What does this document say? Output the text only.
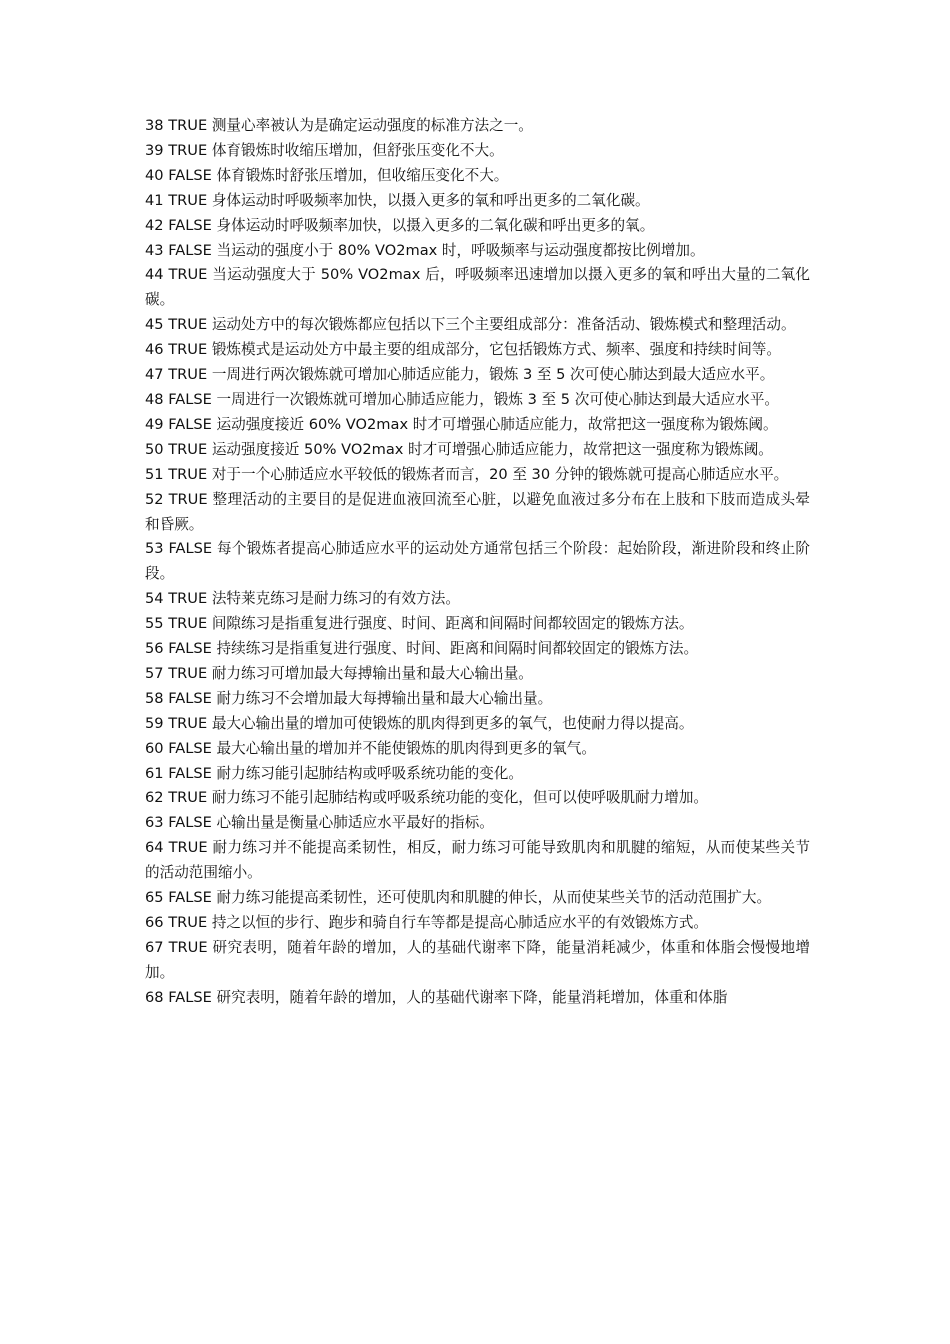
38 TRUE 测量心率被认为是确定运动强度的标准方法之一。

39 TRUE 体育锻炼时收缩压增加，但舒张压变化不大。

40 FALSE 体育锻炼时舒张压增加，但收缩压变化不大。

41 TRUE 身体运动时呼吸频率加快，以摄入更多的氧和呼出更多的二氧化碳。

42 FALSE 身体运动时呼吸频率加快，以摄入更多的二氧化碳和呼出更多的氧。

43 FALSE 当运动的强度小于 80% VO2max 时，呼吸频率与运动强度都按比例增加。

44 TRUE 当运动强度大于 50% VO2max 后，呼吸频率迅速增加以摄入更多的氧和呼出大量的二氧化碳。

45 TRUE 运动处方中的每次锻炼都应包括以下三个主要组成部分：准备活动、锻炼模式和整理活动。

46 TRUE 锻炼模式是运动处方中最主要的组成部分，它包括锻炼方式、频率、强度和持续时间等。

47 TRUE 一周进行两次锻炼就可增加心肺适应能力，锻炼 3 至 5 次可使心肺达到最大适应水平。

48 FALSE 一周进行一次锻炼就可增加心肺适应能力，锻炼 3 至 5 次可使心肺达到最大适应水平。

49 FALSE 运动强度接近 60% VO2max 时才可增强心肺适应能力，故常把这一强度称为锻炼阈。

50 TRUE 运动强度接近 50% VO2max 时才可增强心肺适应能力，故常把这一强度称为锻炼阈。

51 TRUE 对于一个心肺适应水平较低的锻炼者而言，20 至 30 分钟的锻炼就可提高心肺适应水平。

52 TRUE 整理活动的主要目的是促进血液回流至心脏，以避免血液过多分布在上肢和下肢而造成头晕和昏厥。

53 FALSE 每个锻炼者提高心肺适应水平的运动处方通常包括三个阶段：起始阶段，渐进阶段和终止阶段。

54 TRUE 法特莱克练习是耐力练习的有效方法。

55 TRUE 间隙练习是指重复进行强度、时间、距离和间隔时间都较固定的锻炼方法。

56 FALSE 持续练习是指重复进行强度、时间、距离和间隔时间都较固定的锻炼方法。

57 TRUE 耐力练习可增加最大每搏输出量和最大心输出量。

58 FALSE 耐力练习不会增加最大每搏输出量和最大心输出量。

59 TRUE 最大心输出量的增加可使锻炼的肌肉得到更多的氧气，也使耐力得以提高。

60 FALSE 最大心输出量的增加并不能使锻炼的肌肉得到更多的氧气。

61 FALSE 耐力练习能引起肺结构或呼吸系统功能的变化。

62 TRUE 耐力练习不能引起肺结构或呼吸系统功能的变化，但可以使呼吸肌耐力增加。

63 FALSE 心输出量是衡量心肺适应水平最好的指标。

64 TRUE 耐力练习并不能提高柔韧性，相反，耐力练习可能导致肌肉和肌腱的缩短，从而使某些关节的活动范围缩小。

65 FALSE 耐力练习能提高柔韧性，还可使肌肉和肌腱的伸长，从而使某些关节的活动范围扩大。

66 TRUE 持之以恒的步行、跑步和骑自行车等都是提高心肺适应水平的有效锻炼方式。

67 TRUE 研究表明，随着年龄的增加，人的基础代谢率下降，能量消耗减少，体重和体脂会慢慢地增加。

68 FALSE 研究表明，随着年龄的增加，人的基础代谢率下降，能量消耗增加，体重和体脂
